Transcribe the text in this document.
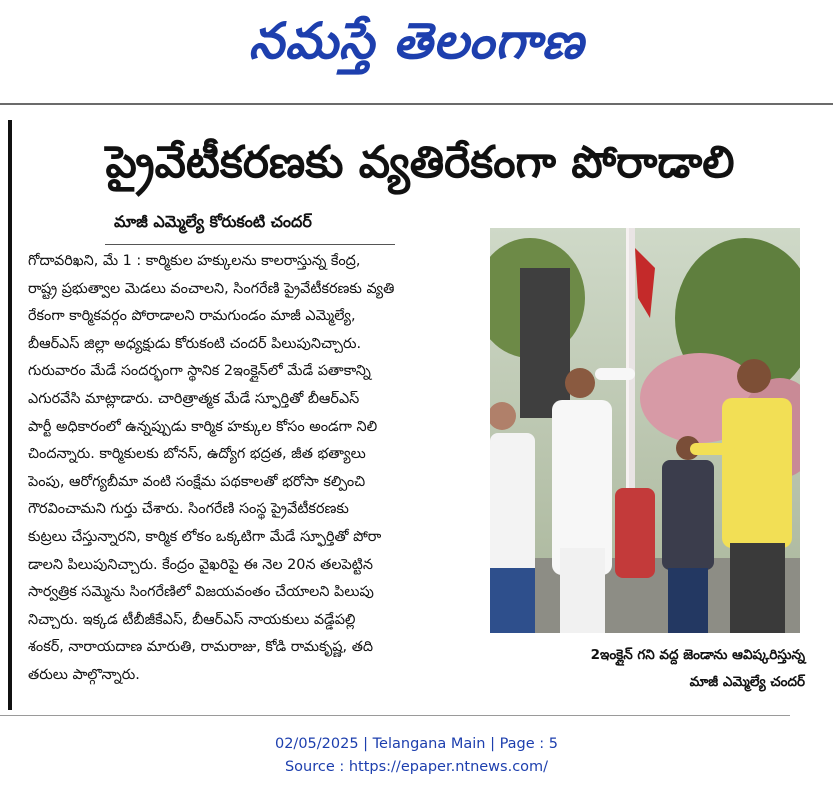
నమస్తే తెలంగాణ
ప్రైవేటీకరణకు వ్యతిరేకంగా పోరాడాలి
మాజీ ఎమ్మెల్యే కోరుకంటి చందర్
గోదావరిఖని, మే 1 : కార్మికుల హక్కులను కాలరాస్తున్న కేంద్ర,
రాష్ట్ర ప్రభుత్వాల మెడలు వంచాలని, సింగరేణి ప్రైవేటీకరణకు వ్యతి
రేకంగా కార్మికవర్గం పోరాడాలని రామగుండం మాజీ ఎమ్మెల్యే,
బీఆర్ఎస్ జిల్లా అధ్యక్షుడు కోరుకంటి చందర్ పిలుపునిచ్చారు.
గురువారం మేడే సందర్భంగా స్థానిక 2ఇంక్లైన్‌లో మేడే పతాకాన్ని
ఎగురవేసి మాట్లాడారు. చారిత్రాత్మక మేడే స్ఫూర్తితో బీఆర్ఎస్
పార్టీ అధికారంలో ఉన్నప్పుడు కార్మిక హక్కుల కోసం అండగా నిలి
చిందన్నారు. కార్మికులకు బోనస్, ఉద్యోగ భద్రత, జీత భత్యాలు
పెంపు, ఆరోగ్యబీమా వంటి సంక్షేమ పథకాలతో భరోసా కల్పించి
గౌరవించామని గుర్తు చేశారు. సింగరేణి సంస్థ ప్రైవేటీకరణకు
కుట్రలు చేస్తున్నారని, కార్మిక లోకం ఒక్కటిగా మేడే స్ఫూర్తితో పోరా
డాలని పిలుపునిచ్చారు. కేంద్రం వైఖరిపై ఈ నెల 20న తలపెట్టిన
సార్వత్రిక సమ్మెను సింగరేణిలో విజయవంతం చేయాలని పిలుపు
నిచ్చారు. ఇక్కడ టీబీజీకేఎస్, బీఆర్ఎస్ నాయకులు వడ్డేపల్లి
శంకర్, నారాయదాణ మారుతి, రామరాజు, కోడి రామకృష్ణ, తది
తరులు పాల్గొన్నారు.
2ఇంక్లైన్ గని వద్ద జెండాను ఆవిష్కరిస్తున్న
మాజీ ఎమ్మెల్యే చందర్
02/05/2025 | Telangana Main | Page : 5
Source : https://epaper.ntnews.com/
